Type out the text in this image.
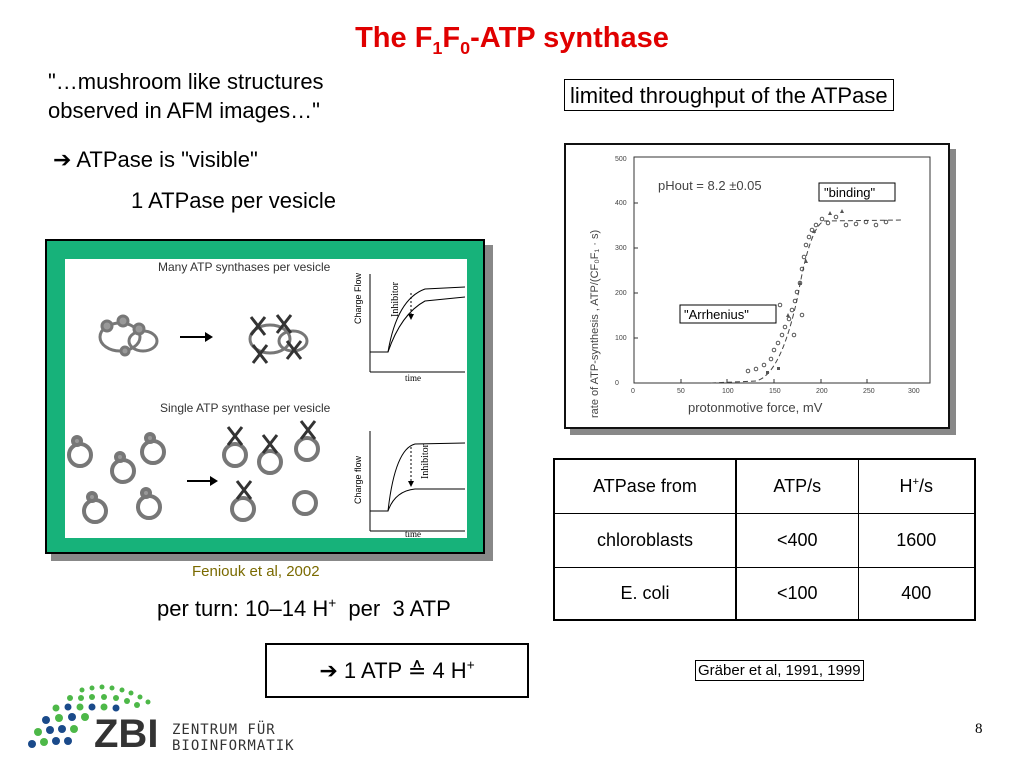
The $F_1F_0$-ATP synthase
"…mushroom like structures
observed in AFM images…"
➔ ATPase is "visible"
1 ATPase per vesicle
limited throughput of the ATPase
Many ATP synthases per vesicle
Single ATP synthase per vesicle
Charge Flow	Inhibitor
time
Charge flow	Inhibitor
time
Feniouk et al, 2002
0
100
200
300
400
500
0	50	100	150	200	250	300
pHout = 8.2 ±0.05
rate of ATP-synthesis , ATP/(CF₀F₁ · s)	protonmotive force, mV
"binding"
"Arrhenius"
ATPase from	ATP/s	H+/s
chloroblasts	<400	1600
E. coli	<100	400
per turn: 10–14 H+  per  3 ATP
➔ 1 ATP ≙ 4 H+	Gräber et al, 1991, 1999
ZBI ZENTRUM FÜR
BIOINFORMATIK
8
